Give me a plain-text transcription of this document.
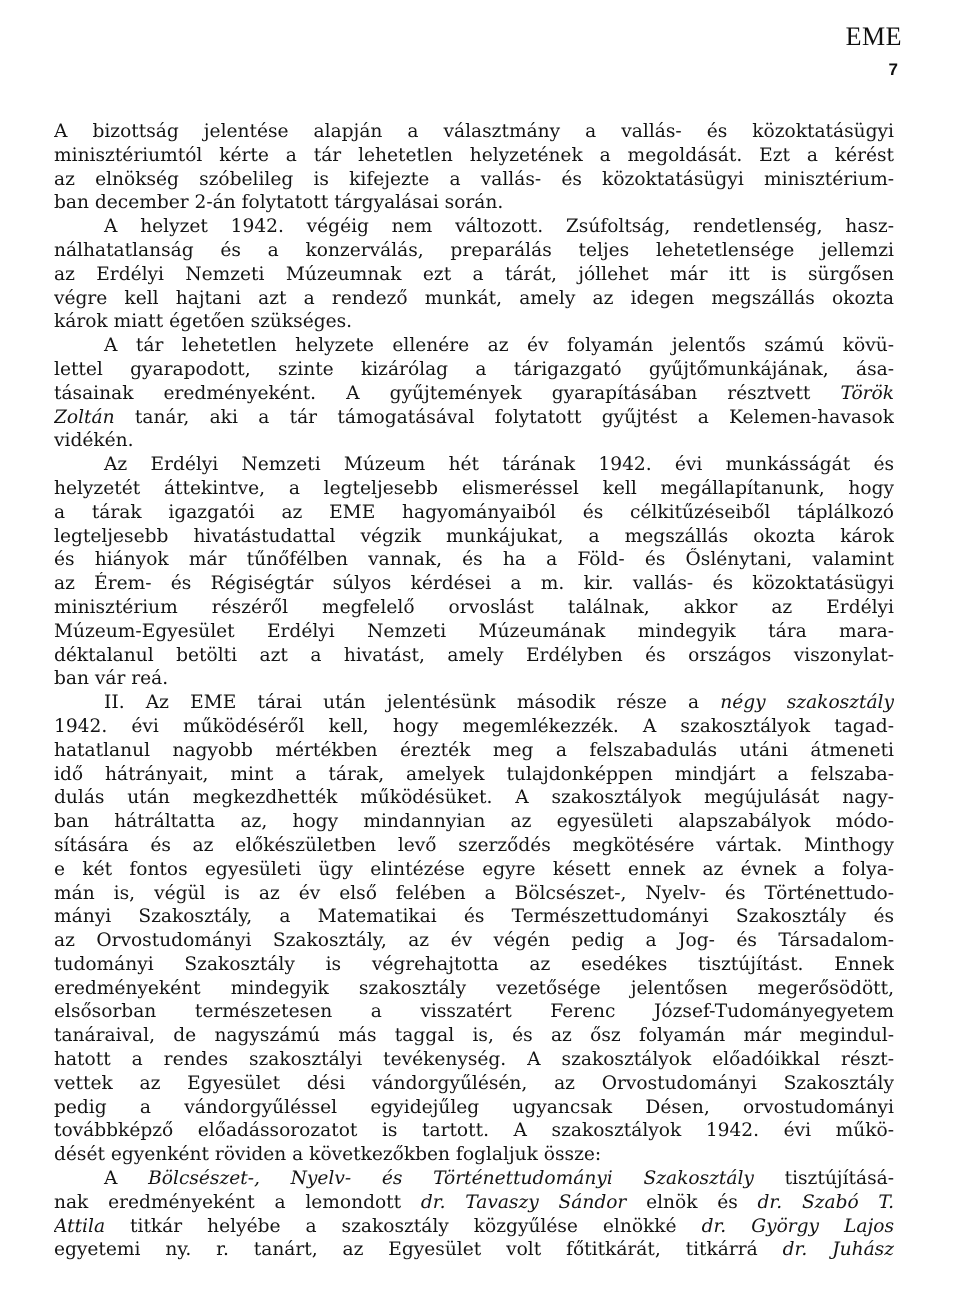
EME
7
A bizottság jelentése alapján a választmány a vallás- és közoktatásügyi
minisztériumtól kérte a tár lehetetlen helyzetének a megoldását. Ezt a kérést
az elnökség szóbelileg is kifejezte a vallás- és közoktatásügyi minisztérium-
ban december 2-án folytatott tárgyalásai során.
A helyzet 1942. végéig nem változott. Zsúfoltság, rendetlenség, hasz-
nálhatatlanság és a konzerválás, preparálás teljes lehetetlensége jellemzi
az Erdélyi Nemzeti Múzeumnak ezt a tárát, jóllehet már itt is sürgősen
végre kell hajtani azt a rendező munkát, amely az idegen megszállás okozta
károk miatt égetően szükséges.
A tár lehetetlen helyzete ellenére az év folyamán jelentős számú kövü-
lettel gyarapodott, szinte kizárólag a tárigazgató gyűjtőmunkájának, ása-
tásainak eredményeként. A gyűjtemények gyarapításában résztvett Török
Zoltán tanár, aki a tár támogatásával folytatott gyűjtést a Kelemen-havasok
vidékén.
Az Erdélyi Nemzeti Múzeum hét tárának 1942. évi munkásságát és
helyzetét áttekintve, a legteljesebb elismeréssel kell megállapítanunk, hogy
a tárak igazgatói az EME hagyományaiból és célkitűzéseiből táplálkozó
legteljesebb hivatástudattal végzik munkájukat, a megszállás okozta károk
és hiányok már tűnőfélben vannak, és ha a Föld- és Őslénytani, valamint
az Érem- és Régiségtár súlyos kérdései a m. kir. vallás- és közoktatásügyi
minisztérium részéről megfelelő orvoslást találnak, akkor az Erdélyi
Múzeum-Egyesület Erdélyi Nemzeti Múzeumának mindegyik tára mara-
déktalanul betölti azt a hivatást, amely Erdélyben és országos viszonylat-
ban vár reá.
II. Az EME tárai után jelentésünk második része a négy szakosztály
1942. évi működéséről kell, hogy megemlékezzék. A szakosztályok tagad-
hatatlanul nagyobb mértékben érezték meg a felszabadulás utáni átmeneti
idő hátrányait, mint a tárak, amelyek tulajdonképpen mindjárt a felszaba-
dulás után megkezdhették működésüket. A szakosztályok megújulását nagy-
ban hátráltatta az, hogy mindannyian az egyesületi alapszabályok módo-
sítására és az előkészületben levő szerződés megkötésére vártak. Minthogy
e két fontos egyesületi ügy elintézése egyre késett ennek az évnek a folya-
mán is, végül is az év első felében a Bölcsészet-, Nyelv- és Történettudo-
mányi Szakosztály, a Matematikai és Természettudományi Szakosztály és
az Orvostudományi Szakosztály, az év végén pedig a Jog- és Társadalom-
tudományi Szakosztály is végrehajtotta az esedékes tisztújítást. Ennek
eredményeként mindegyik szakosztály vezetősége jelentősen megerősödött,
elsősorban természetesen a visszatért Ferenc József-Tudományegyetem
tanáraival, de nagyszámú más taggal is, és az ősz folyamán már megindul-
hatott a rendes szakosztályi tevékenység. A szakosztályok előadóikkal részt-
vettek az Egyesület dési vándorgyűlésén, az Orvostudományi Szakosztály
pedig a vándorgyűléssel egyidejűleg ugyancsak Désen, orvostudományi
továbbképző előadássorozatot is tartott. A szakosztályok 1942. évi műkö-
dését egyenként röviden a következőkben foglaljuk össze:
A Bölcsészet-, Nyelv- és Történettudományi Szakosztály tisztújításá-
nak eredményeként a lemondott dr. Tavaszy Sándor elnök és dr. Szabó T.
Attila titkár helyébe a szakosztály közgyűlése elnökké dr. György Lajos
egyetemi ny. r. tanárt, az Egyesület volt főtitkárát, titkárrá dr. Juhász
